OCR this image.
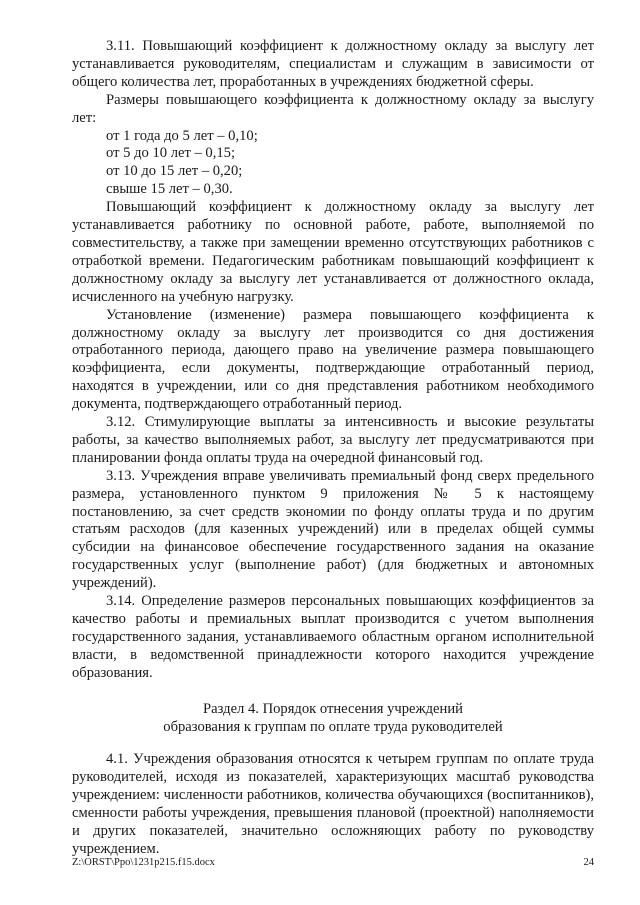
3.11. Повышающий коэффициент к должностному окладу за выслугу лет устанавливается руководителям, специалистам и служащим в зависимости от общего количества лет, проработанных в учреждениях бюджетной сферы.

Размеры повышающего коэффициента к должностному окладу за выслугу лет:

от 1 года до 5 лет – 0,10;

от 5 до 10 лет – 0,15;

от 10 до 15 лет – 0,20;

свыше 15 лет – 0,30.

Повышающий коэффициент к должностному окладу за выслугу лет устанавливается работнику по основной работе, работе, выполняемой по совместительству, а также при замещении временно отсутствующих работников с отработкой времени. Педагогическим работникам повышающий коэффициент к должностному окладу за выслугу лет устанавливается от должностного оклада, исчисленного на учебную нагрузку.

Установление (изменение) размера повышающего коэффициента к должностному окладу за выслугу лет производится со дня достижения отработанного периода, дающего право на увеличение размера повышающего коэффициента, если документы, подтверждающие отработанный период, находятся в учреждении, или со дня представления работником необходимого документа, подтверждающего отработанный период.

3.12. Стимулирующие выплаты за интенсивность и высокие результаты работы, за качество выполняемых работ, за выслугу лет предусматриваются при планировании фонда оплаты труда на очередной финансовый год.

3.13. Учреждения вправе увеличивать премиальный фонд сверх предельного размера, установленного пунктом 9 приложения № 5 к настоящему постановлению, за счет средств экономии по фонду оплаты труда и по другим статьям расходов (для казенных учреждений) или в пределах общей суммы субсидии на финансовое обеспечение государственного задания на оказание государственных услуг (выполнение работ) (для бюджетных и автономных учреждений).

3.14. Определение размеров персональных повышающих коэффициентов за качество работы и премиальных выплат производится с учетом выполнения государственного задания, устанавливаемого областным органом исполнительной власти, в ведомственной принадлежности которого находится учреждение образования.

Раздел 4. Порядок отнесения учреждений

образования к группам по оплате труда руководителей

4.1. Учреждения образования относятся к четырем группам по оплате труда руководителей, исходя из показателей, характеризующих масштаб руководства учреждением: численности работников, количества обучающихся (воспитанников), сменности работы учреждения, превышения плановой (проектной) наполняемости и других показателей, значительно осложняющих работу по руководству учреждением.

Z:\ORST\Ppo\1231p215.f15.docx	24
